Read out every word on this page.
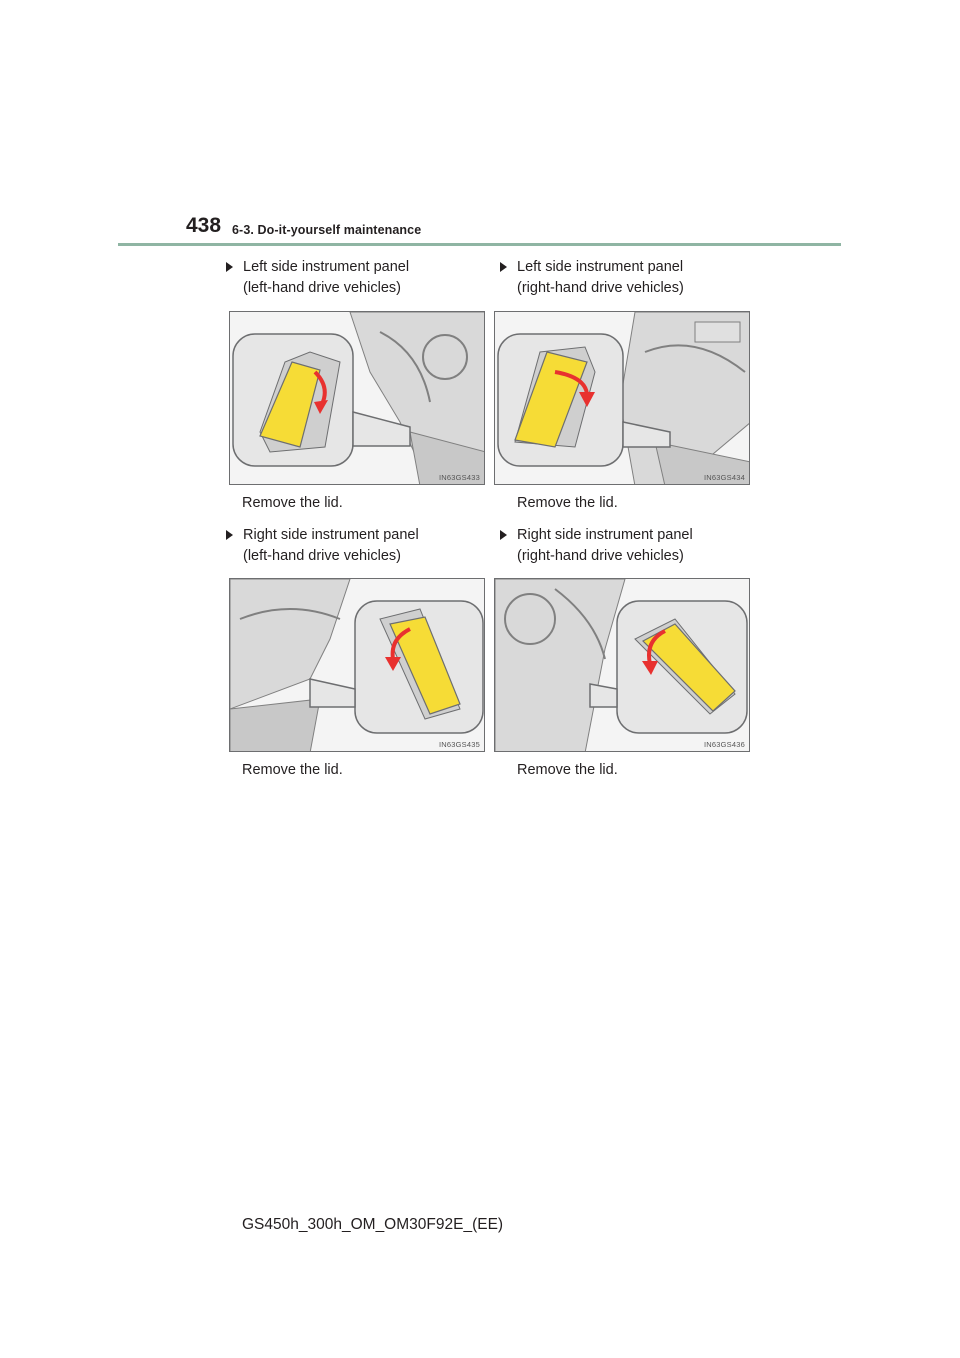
438 6-3. Do-it-yourself maintenance
Left side instrument panel
(left-hand drive vehicles)
IN63GS433
Remove the lid.
Left side instrument panel
(right-hand drive vehicles)
IN63GS434
Remove the lid.
Right side instrument panel
(left-hand drive vehicles)
IN63GS435
Remove the lid.
Right side instrument panel
(right-hand drive vehicles)
IN63GS436
Remove the lid.
GS450h_300h_OM_OM30F92E_(EE)
